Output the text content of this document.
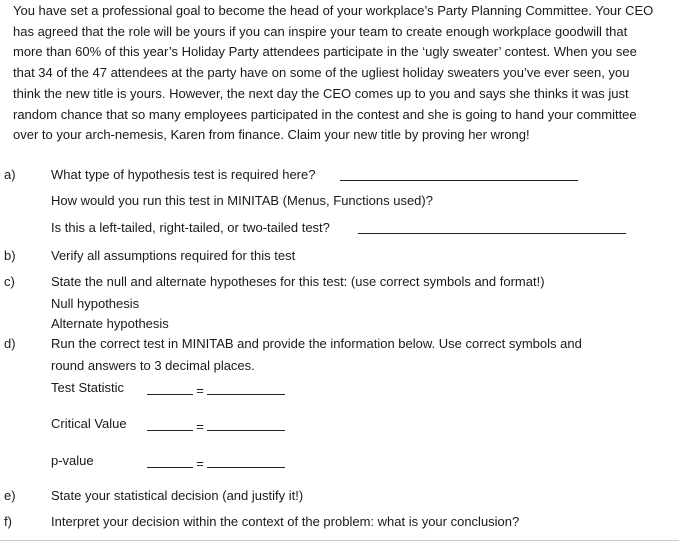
You have set a professional goal to become the head of your workplace’s Party Planning Committee. Your CEO has agreed that the role will be yours if you can inspire your team to create enough workplace goodwill that more than 60% of this year’s Holiday Party attendees participate in the ‘ugly sweater’ contest. When you see that 34 of the 47 attendees at the party have on some of the ugliest holiday sweaters you’ve ever seen, you think the new title is yours. However, the next day the CEO comes up to you and says she thinks it was just random chance that so many employees participated in the contest and she is going to hand your committee over to your arch-nemesis, Karen from finance. Claim your new title by proving her wrong!

a)	What type of hypothesis test is required here?
How would you run this test in MINITAB (Menus, Functions used)?
Is this a left-tailed, right-tailed, or two-tailed test?
b)	Verify all assumptions required for this test
c)	State the null and alternate hypotheses for this test: (use correct symbols and format!)
Null hypothesis
Alternate hypothesis
d)	Run the correct test in MINITAB and provide the information below. Use correct symbols and
round answers to 3 decimal places.
Test Statistic	=
Critical Value	=
p-value	=
e)	State your statistical decision (and justify it!)
f)	Interpret your decision within the context of the problem: what is your conclusion?
